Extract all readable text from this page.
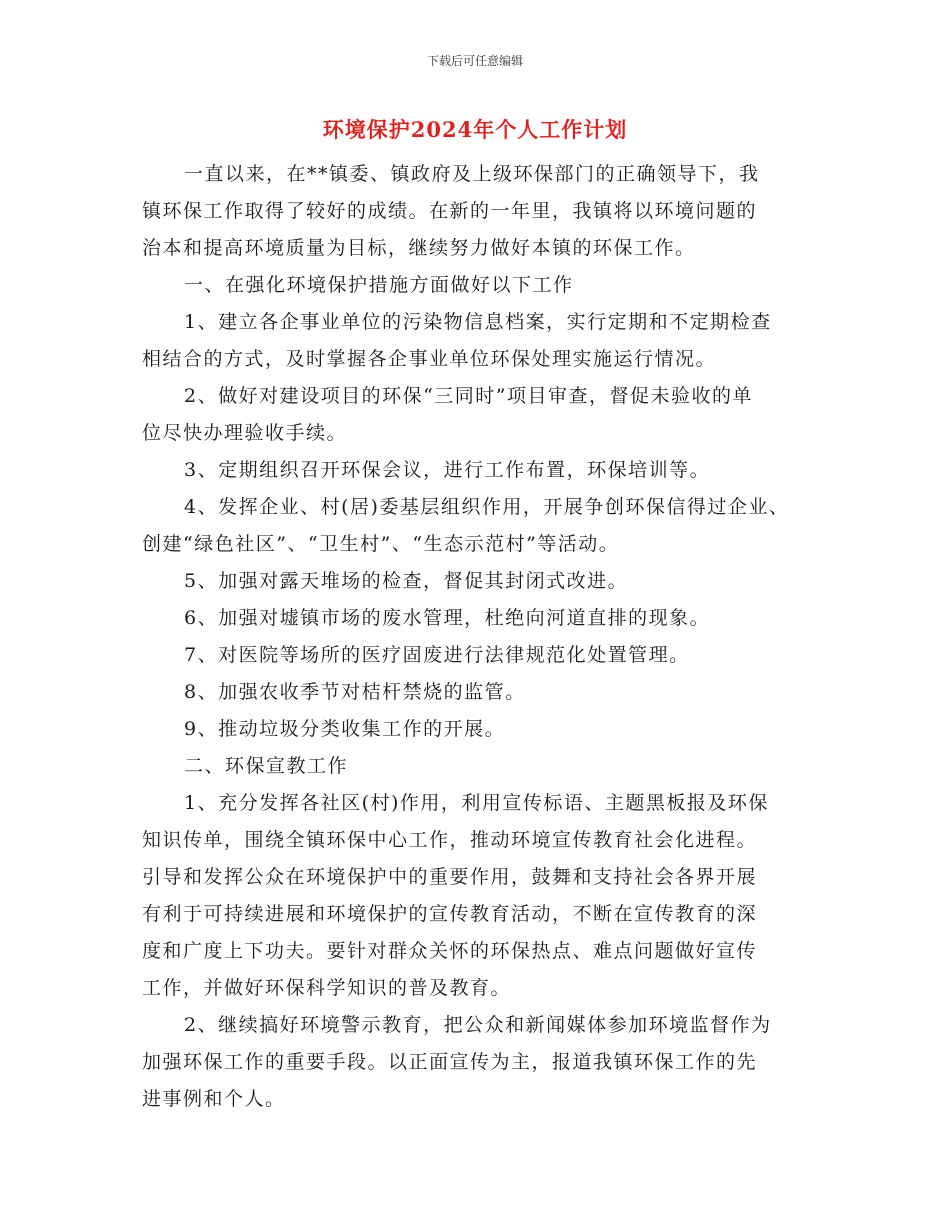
下载后可任意编辑
环境保护2024年个人工作计划
一直以来，在**镇委、镇政府及上级环保部门的正确领导下，我
镇环保工作取得了较好的成绩。在新的一年里，我镇将以环境问题的
治本和提高环境质量为目标，继续努力做好本镇的环保工作。
一、在强化环境保护措施方面做好以下工作
1、建立各企事业单位的污染物信息档案，实行定期和不定期检查
相结合的方式，及时掌握各企事业单位环保处理实施运行情况。
2、做好对建设项目的环保“三同时”项目审查，督促未验收的单
位尽快办理验收手续。
3、定期组织召开环保会议，进行工作布置，环保培训等。
4、发挥企业、村(居)委基层组织作用，开展争创环保信得过企业、
创建“绿色社区”、“卫生村”、“生态示范村”等活动。
5、加强对露天堆场的检查，督促其封闭式改进。
6、加强对墟镇市场的废水管理，杜绝向河道直排的现象。
7、对医院等场所的医疗固废进行法律规范化处置管理。
8、加强农收季节对桔杆禁烧的监管。
9、推动垃圾分类收集工作的开展。
二、环保宣教工作
1、充分发挥各社区(村)作用，利用宣传标语、主题黑板报及环保
知识传单，围绕全镇环保中心工作，推动环境宣传教育社会化进程。
引导和发挥公众在环境保护中的重要作用，鼓舞和支持社会各界开展
有利于可持续进展和环境保护的宣传教育活动，不断在宣传教育的深
度和广度上下功夫。要针对群众关怀的环保热点、难点问题做好宣传
工作，并做好环保科学知识的普及教育。
2、继续搞好环境警示教育，把公众和新闻媒体参加环境监督作为
加强环保工作的重要手段。以正面宣传为主，报道我镇环保工作的先
进事例和个人。
